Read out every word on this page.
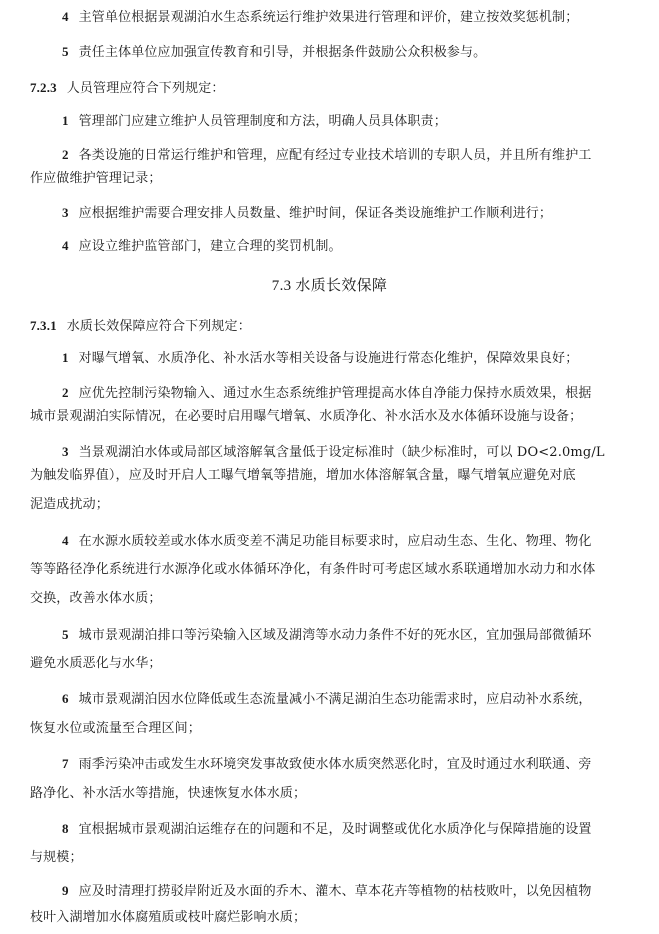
4 主管单位根据景观湖泊水生态系统运行维护效果进行管理和评价，建立按效奖惩机制；
5 责任主体单位应加强宣传教育和引导，并根据条件鼓励公众积极参与。
7.2.3 人员管理应符合下列规定：
1 管理部门应建立维护人员管理制度和方法，明确人员具体职责；
2 各类设施的日常运行维护和管理，应配有经过专业技术培训的专职人员，并且所有维护工
作应做维护管理记录；
3 应根据维护需要合理安排人员数量、维护时间，保证各类设施维护工作顺利进行；
4 应设立维护监管部门，建立合理的奖罚机制。
7.3 水质长效保障
7.3.1 水质长效保障应符合下列规定：
1 对曝气增氧、水质净化、补水活水等相关设备与设施进行常态化维护，保障效果良好；
2 应优先控制污染物输入、通过水生态系统维护管理提高水体自净能力保持水质效果，根据
城市景观湖泊实际情况，在必要时启用曝气增氧、水质净化、补水活水及水体循环设施与设备；
3 当景观湖泊水体或局部区域溶解氧含量低于设定标准时（缺少标准时，可以 DO<2.0mg/L
为触发临界值），应及时开启人工曝气增氧等措施，增加水体溶解氧含量，曝气增氧应避免对底
泥造成扰动；
4 在水源水质较差或水体水质变差不满足功能目标要求时，应启动生态、生化、物理、物化
等等路径净化系统进行水源净化或水体循环净化，有条件时可考虑区域水系联通增加水动力和水体
交换，改善水体水质；
5 城市景观湖泊排口等污染输入区域及湖湾等水动力条件不好的死水区，宜加强局部微循环
避免水质恶化与水华；
6 城市景观湖泊因水位降低或生态流量减小不满足湖泊生态功能需求时，应启动补水系统，
恢复水位或流量至合理区间；
7 雨季污染冲击或发生水环境突发事故致使水体水质突然恶化时，宜及时通过水利联通、旁
路净化、补水活水等措施，快速恢复水体水质；
8 宜根据城市景观湖泊运维存在的问题和不足，及时调整或优化水质净化与保障措施的设置
与规模；
9 应及时清理打捞驳岸附近及水面的乔木、灌木、草本花卉等植物的枯枝败叶，以免因植物
枝叶入湖增加水体腐殖质或枝叶腐烂影响水质；
